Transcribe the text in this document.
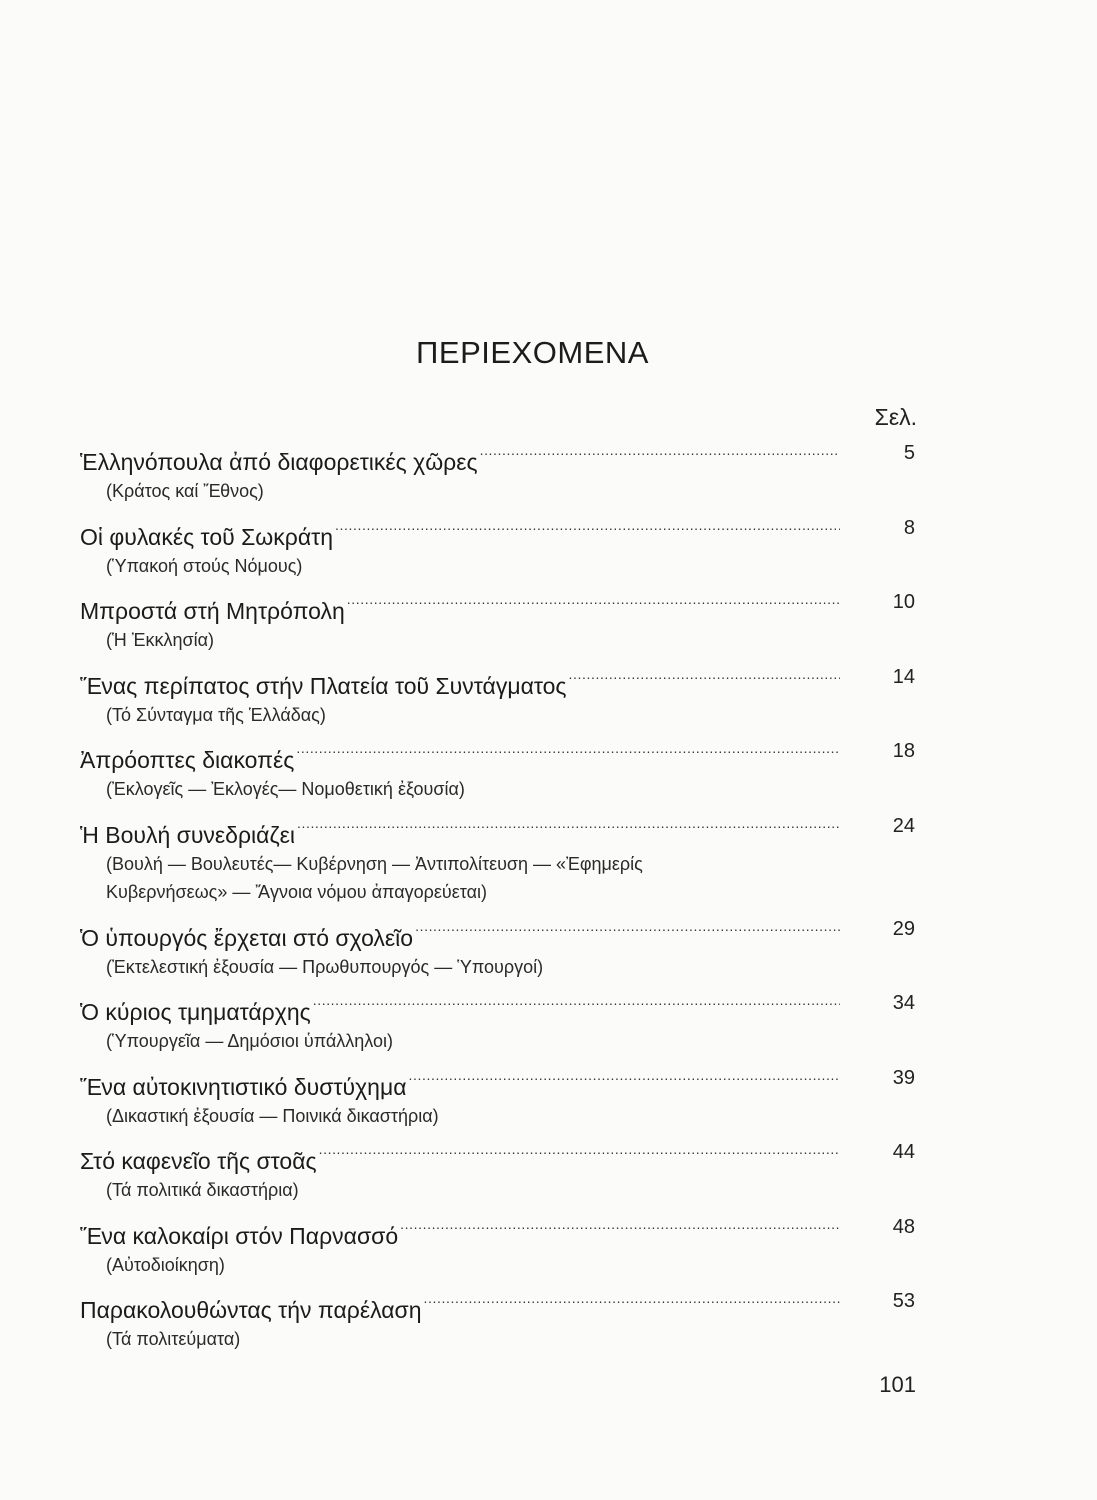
ΠΕΡΙΕΧΟΜΕΝΑ
Σελ.
Ἑλληνόπουλα ἀπό διαφορετικές χῶρες .....	5
(Κράτος καί Ἔθνος)
Οἱ φυλακές τοῦ Σωκράτη .....	8
(Ὑπακοή στούς Νόμους)
Μπροστά στή Μητρόπολη .....	10
(Ἡ Ἐκκλησία)
Ἕνας περίπατος στήν Πλατεία τοῦ Συντάγματος .....	14
(Τό Σύνταγμα τῆς Ἑλλάδας)
Ἀπρόοπτες διακοπές .....	18
(Ἐκλογεῖς — Ἐκλογές— Νομοθετική ἐξουσία)
Ἡ Βουλή συνεδριάζει .....	24
(Βουλή — Βουλευτές— Κυβέρνηση — Ἀντιπολίτευση — «Ἐφημερίς
Κυβερνήσεως» — Ἄγνοια νόμου ἀπαγορεύεται)
Ὁ ὑπουργός ἔρχεται στό σχολεῖο .....	29
(Ἐκτελεστική ἐξουσία — Πρωθυπουργός — Ὑπουργοί)
Ὁ κύριος τμηματάρχης .....	34
(Ὑπουργεῖα — Δημόσιοι ὑπάλληλοι)
Ἕνα αὐτοκινητιστικό δυστύχημα .....	39
(Δικαστική ἐξουσία — Ποινικά δικαστήρια)
Στό καφενεῖο τῆς στοᾶς .....	44
(Τά πολιτικά δικαστήρια)
Ἕνα καλοκαίρι στόν Παρνασσό .....	48
(Αὐτοδιοίκηση)
Παρακολουθώντας τήν παρέλαση .....	53
(Τά πολιτεύματα)
101
